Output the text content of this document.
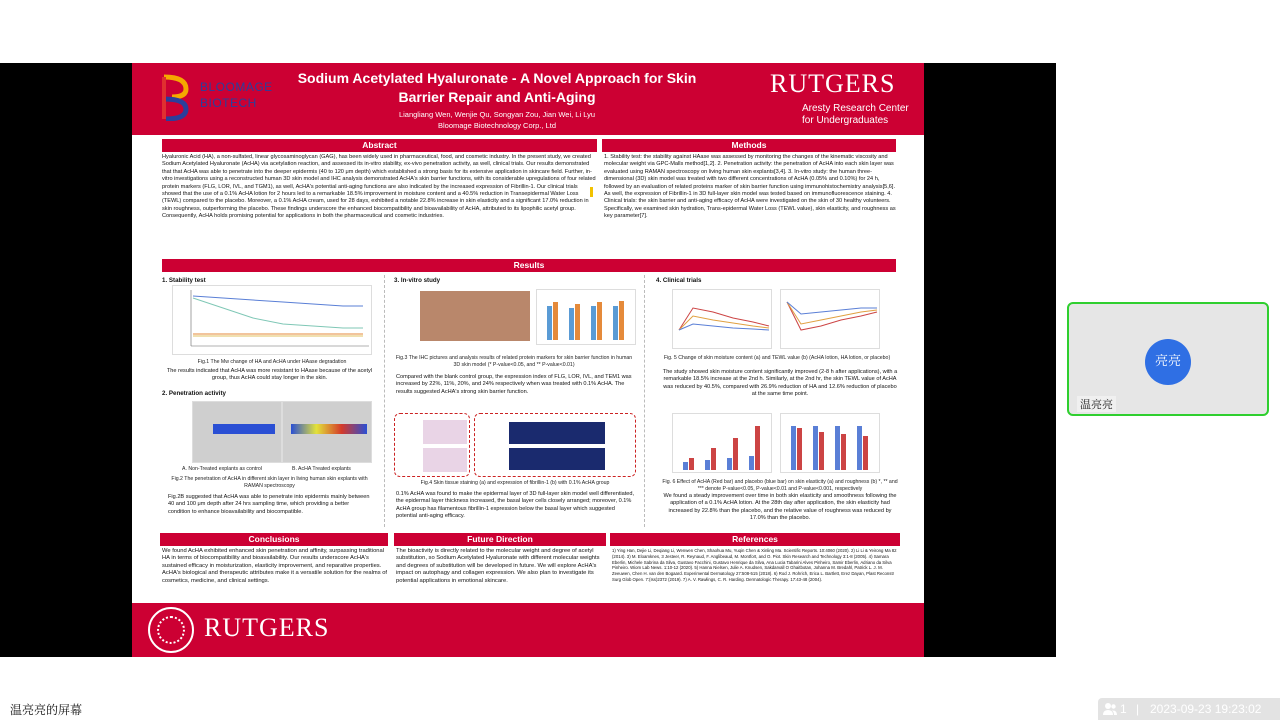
BLOOMAGE
BIOTECH
Sodium Acetylated Hyaluronate - A Novel Approach for Skin Barrier Repair and Anti-Aging
Liangliang Wen, Wenjie Qu, Songyan Zou, Jian Wei, Li Lyu
Bloomage Biotechnology Corp., Ltd
RUTGERS
Aresty Research Center for Undergraduates
Abstract
Hyaluronic Acid (HA), a non-sulfated, linear glycosaminoglycan (GAG), has been widely used in pharmaceutical, food, and cosmetic industry. In the present study, we created Sodium Acetylated Hyaluronate (AcHA) via acetylation reaction, and assessed its in-vitro stability, ex-vivo penetration activity, as well, clinical trials. Our results demonstrated that that AcHA was able to penetrate into the deeper epidermis (40 to 120 μm depth) which established a strong basis for its extensive application in skincare field. Further, in-vitro investigations using a reconstructed human 3D skin model and IHC analysis demonstrated AcHA's skin barrier functions, with its considerable upregulations of four related protein markers (FLG, LOR, IVL, and TGM1), as well, AcHA's potential anti-aging functions are also indicated by the increased expression of Fibrillin-1. Our clinical trials showed that the use of a 0.1% AcHA lotion for 2 hours led to a remarkable 18.5% improvement in moisture content and a 40.5% reduction in Transepidermal Water Loss (TEWL) compared to the placebo. Moreover, a 0.1% AcHA cream, used for 28 days, exhibited a notable 22.8% increase in skin elasticity and a significant 17.0% reduction in skin roughness, outperforming the placebo. These findings underscore the enhanced biocompatibility and bioavailability of AcHA, attributed to its lipophilic acetyl group. Consequently, AcHA holds promising potential for applications in both the pharmaceutical and cosmetic industries.
Methods
1. Stability test: the stability against HAase was assessed by monitoring the changes of the kinematic viscosity and molecular weight via GPC-Malls method[1,2]. 2. Penetration activity: the penetration of AcHA into each skin layer was evaluated using RAMAN spectroscopy on living human skin explants[3,4]. 3. In-vitro study: the human three-dimensional (3D) skin model was treated with two different concentrations of AcHA (0.05% and 0.10%) for 24 h, followed by an evaluation of related proteins marker of skin barrier function using immunohistochemistry analysis[5,6]. As well, the expression of Fibrillin-1 in 3D full-layer skin model was tested based on immunofluorescence staining. 4. Clinical trials: the skin barrier and anti-aging efficacy of AcHA were investigated on the skin of 30 healthy volunteers. Specifically, we examined skin hydration, Trans-epidermal Water Loss (TEWL value), skin elasticity, and roughness as key parameter[7].
Results
1. Stability test
Fig.1 The Mw change of HA and AcHA under HAase degradation
The results indicated that AcHA was more resistant to HAase because of the acetyl group, thus AcHA could stay longer in the skin.
2. Penetration activity
A. Non-Treated explants as control	B. AcHA Treated explants
Fig.2 The penetration of AcHA in different skin layer in living human skin explants with RAMAN spectroscopy
Fig.2B suggested that AcHA was able to penetrate into epidermis mainly between 40 and 100 μm depth after 24 hrs sampling time, which providing a better condition to enhance bioavailability and biocompatible.
3. In-vitro study
Fig.3 The IHC pictures and analysis results of related protein markers for skin barrier function in human 3D skin model (* P-value<0.05, and ** P-value<0.01)
Compared with the blank control group, the expression index of FLG, LOR, IVL, and TEM1 was increased by 22%, 11%, 20%, and 24% respectively when was treated with 0.1% AcHA. The results suggested AcHA's strong skin barrier function.
Fig.4 Skin tissue staining (a) and expression of fibrillin-1 (b) with 0.1% AcHA group
0.1% AcHA was found to make the epidermal layer of 3D full-layer skin model well differentiated, the epidermal layer thickness increased, the basal layer cells closely arranged; moreover, 0.1% AcHA group has filamentous fibrillin-1 expression below the basal layer which suggested potential anti-aging efficacy.
4. Clinical trials
Fig. 5 Change of skin moisture content (a) and TEWL value (b) (AcHA lotion, HA lotion, or placebo)
The study showed skin moisture content significantly improved (2-8 h after applications), with a remarkable 18.5% increase at the 2nd h. Similarly, at the 2nd hr, the skin TEWL value of AcHA was reduced by 40.5%, compared with 26.9% reduction of HA and 12.6% reduction of placebo at the same time point.
Fig. 6 Effect of AcHA (Red bar) and placebo (blue bar) on skin elasticity (a) and roughness (b) *, ** and *** denote P-value<0.05, P-value<0.01 and P-value<0.001, respectively
We found a steady improvement over time in both skin elasticity and smoothness following the application of a 0.1% AcHA lotion. At the 28th day after application, the skin elasticity had increased by 22.8% than the placebo, and the relative value of roughness was reduced by 17.0% than the placebo.
Conclusions
We found AcHA exhibited enhanced skin penetration and affinity, surpassing traditional HA in terms of biocompatibility and bioavailability. Our results underscore AcHA's sustained efficacy in moisturization, elasticity improvement, and reparative properties. AcHA's biological and therapeutic attributes make it a versatile solution for the realms of cosmetics, medicine, and clinical settings.
Future Direction
The bioactivity is directly related to the molecular weight and degree of acetyl substitution, so Sodium Acetylated Hyaluronate with different molecular weights and degrees of substitution will be developed in future. We will explore AcHA's impact on autophagy and collagen expression. We also plan to investigate its potential applications in emotional skincare.
References
1) Ying Han, Dejie Li, Deqiang Li, Wenwen Chen, Shaohua Mu, Yuqin Chen & Xinling Ma. Scientific Reports. 10:4060 (2020). 2) Li Li & Yeirong Ma 82 (2014). 3) M. Eloamknes, 3 Jesteer, R. Reynaud, F. Anglibeaud, M. Montfort, and O. Piot. Skin Research and Technology 3:1-8 (2005). 4) Samara Eberlin, Michele Sabrina da Silva, Gustavo Facchini, Gustavo Henrique da Silva, Ana Lucia Tabarini Alves Pinheiro, Samir Eberlin, Adriano da Silva Pinheiro. Wiom Lab News. 1:10-12 (2020). 5) Hanna Nielsen, Julie A. Knudsen, Sakdarvall O Ghaitbotan, Johanna M. Bredahl, Patrick L. J. M. Zeeuwen, Chen H. van den Bogaard. Experimental Dermatology 27:508-515 (2018). 6) Rod J. Rohrich, Erica L. Bartlett, Erez Dayan, Plast Reconstr Surg Glob Open. 7:(Iss)2372 (2019). 7) A. V. Rawlings, C. R. Harding. Dermatologic Therapy. 17:43-48 (2004).
RUTGERS
亮亮
温亮亮
温亮亮的屏幕	1 | 2023-09-23 19:23:02
